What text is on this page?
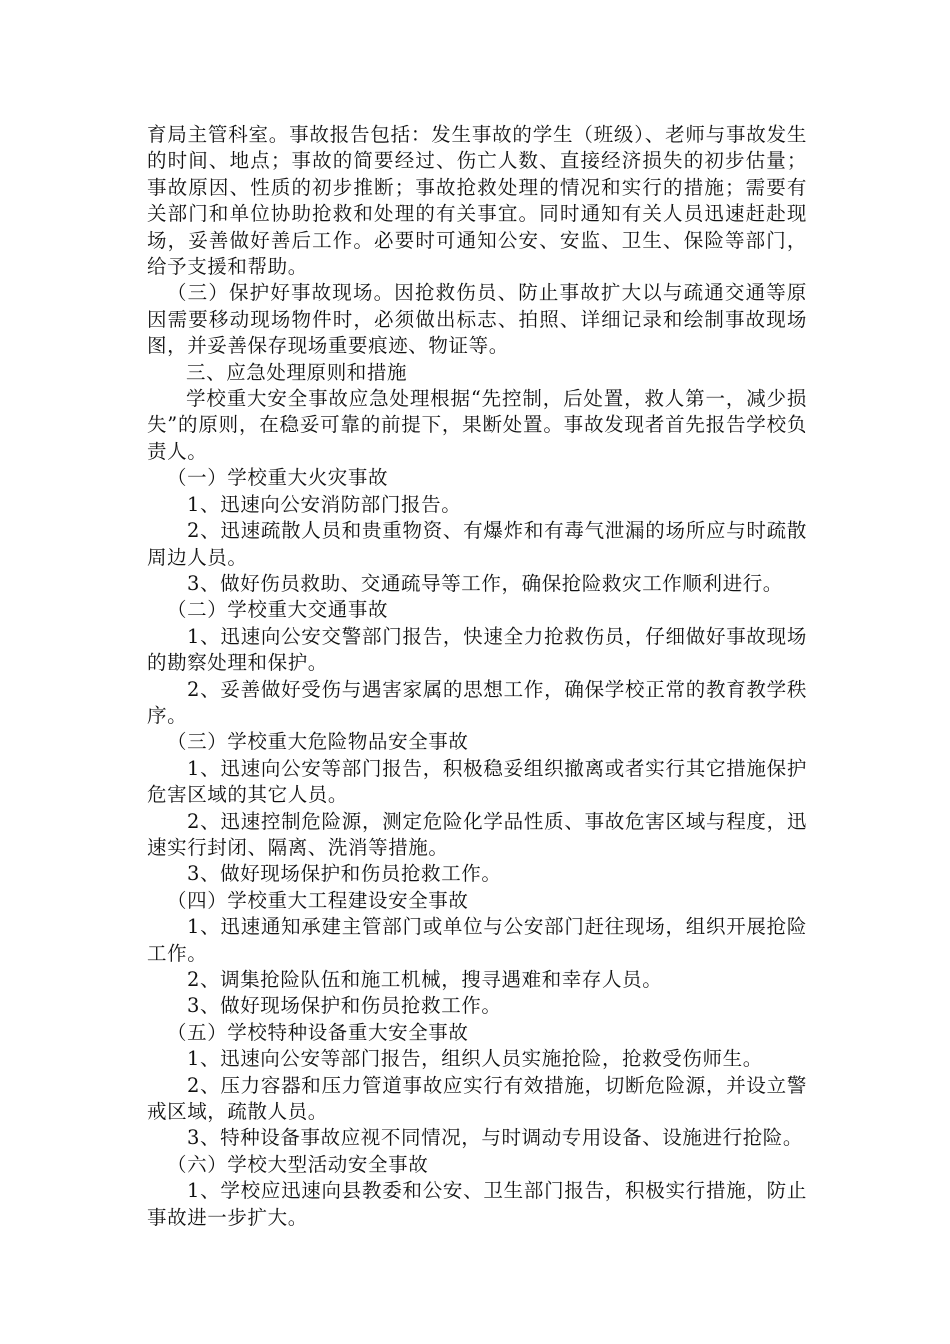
育局主管科室。事故报告包括：发生事故的学生（班级）、老师与事故发生的时间、地点；事故的简要经过、伤亡人数、直接经济损失的初步估量；事故原因、性质的初步推断；事故抢救处理的情况和实行的措施；需要有关部门和单位协助抢救和处理的有关事宜。同时通知有关人员迅速赶赴现场，妥善做好善后工作。必要时可通知公安、安监、卫生、保险等部门，给予支援和帮助。

（三）保护好事故现场。因抢救伤员、防止事故扩大以与疏通交通等原因需要移动现场物件时，必须做出标志、拍照、详细记录和绘制事故现场图，并妥善保存现场重要痕迹、物证等。

三、应急处理原则和措施

学校重大安全事故应急处理根据“先控制，后处置，救人第一，减少损失”的原则，在稳妥可靠的前提下，果断处置。事故发现者首先报告学校负责人。

（一）学校重大火灾事故

1、迅速向公安消防部门报告。

2、迅速疏散人员和贵重物资、有爆炸和有毒气泄漏的场所应与时疏散周边人员。

3、做好伤员救助、交通疏导等工作，确保抢险救灾工作顺利进行。

（二）学校重大交通事故

1、迅速向公安交警部门报告，快速全力抢救伤员，仔细做好事故现场的勘察处理和保护。

2、妥善做好受伤与遇害家属的思想工作，确保学校正常的教育教学秩序。

（三）学校重大危险物品安全事故

1、迅速向公安等部门报告，积极稳妥组织撤离或者实行其它措施保护危害区域的其它人员。

2、迅速控制危险源，测定危险化学品性质、事故危害区域与程度，迅速实行封闭、隔离、洗消等措施。

3、做好现场保护和伤员抢救工作。

（四）学校重大工程建设安全事故

1、迅速通知承建主管部门或单位与公安部门赶往现场，组织开展抢险工作。

2、调集抢险队伍和施工机械，搜寻遇难和幸存人员。

3、做好现场保护和伤员抢救工作。

（五）学校特种设备重大安全事故

1、迅速向公安等部门报告，组织人员实施抢险，抢救受伤师生。

2、压力容器和压力管道事故应实行有效措施，切断危险源，并设立警戒区域，疏散人员。

3、特种设备事故应视不同情况，与时调动专用设备、设施进行抢险。

（六）学校大型活动安全事故

1、学校应迅速向县教委和公安、卫生部门报告，积极实行措施，防止事故进一步扩大。
